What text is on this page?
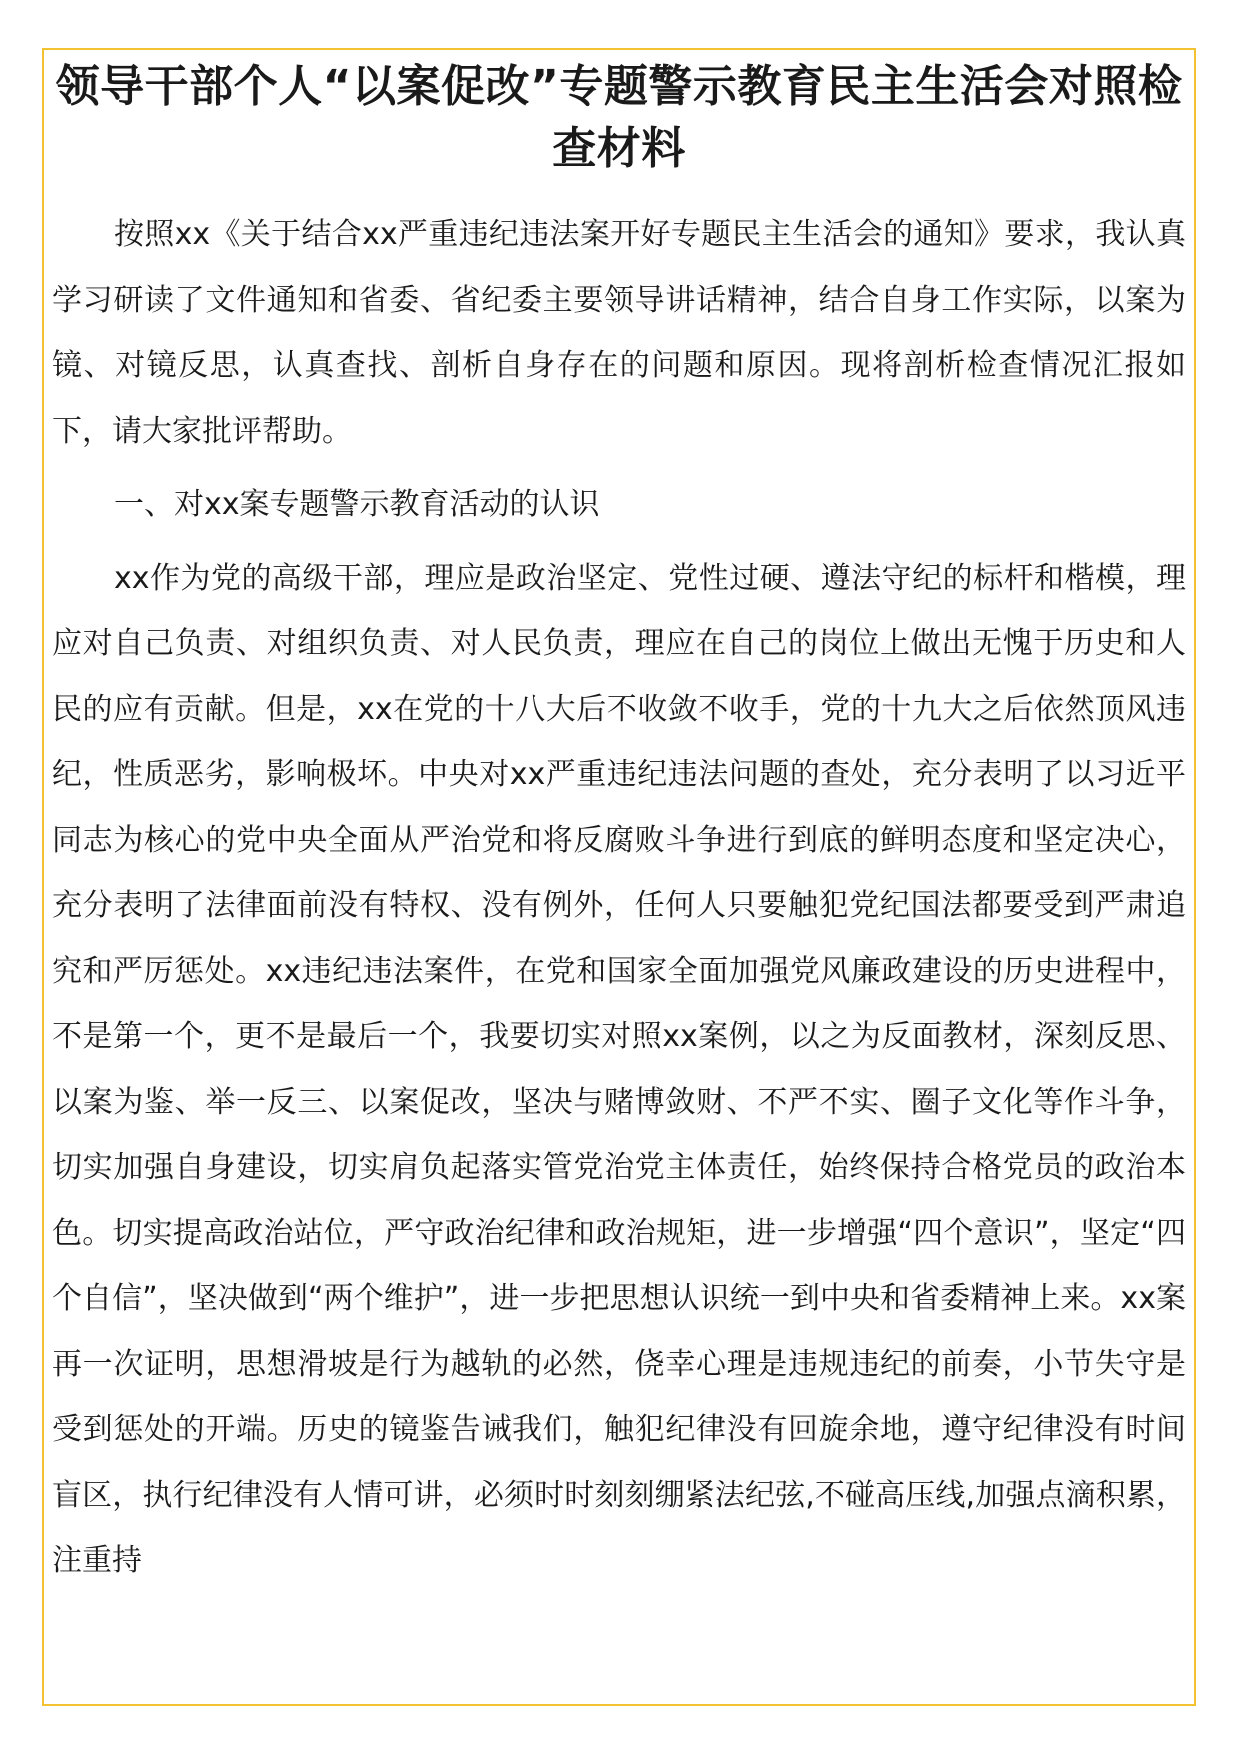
领导干部个人“以案促改”专题警示教育民主生活会对照检查材料

按照xx《关于结合xx严重违纪违法案开好专题民主生活会的通知》要求，我认真学习研读了文件通知和省委、省纪委主要领导讲话精神，结合自身工作实际，以案为镜、对镜反思，认真查找、剖析自身存在的问题和原因。现将剖析检查情况汇报如下，请大家批评帮助。

一、对xx案专题警示教育活动的认识

xx作为党的高级干部，理应是政治坚定、党性过硬、遵法守纪的标杆和楷模，理应对自己负责、对组织负责、对人民负责，理应在自己的岗位上做出无愧于历史和人民的应有贡献。但是，xx在党的十八大后不收敛不收手，党的十九大之后依然顶风违纪，性质恶劣，影响极坏。中央对xx严重违纪违法问题的查处，充分表明了以习近平同志为核心的党中央全面从严治党和将反腐败斗争进行到底的鲜明态度和坚定决心，充分表明了法律面前没有特权、没有例外，任何人只要触犯党纪国法都要受到严肃追究和严厉惩处。xx违纪违法案件，在党和国家全面加强党风廉政建设的历史进程中，不是第一个，更不是最后一个，我要切实对照xx案例，以之为反面教材，深刻反思、以案为鉴、举一反三、以案促改，坚决与赌博敛财、不严不实、圈子文化等作斗争，切实加强自身建设，切实肩负起落实管党治党主体责任，始终保持合格党员的政治本色。切实提高政治站位，严守政治纪律和政治规矩，进一步增强“四个意识”，坚定“四个自信”，坚决做到“两个维护”，进一步把思想认识统一到中央和省委精神上来。xx案再一次证明，思想滑坡是行为越轨的必然，侥幸心理是违规违纪的前奏，小节失守是受到惩处的开端。历史的镜鉴告诫我们，触犯纪律没有回旋余地，遵守纪律没有时间盲区，执行纪律没有人情可讲，必须时时刻刻绷紧法纪弦,不碰高压线,加强点滴积累，注重持
